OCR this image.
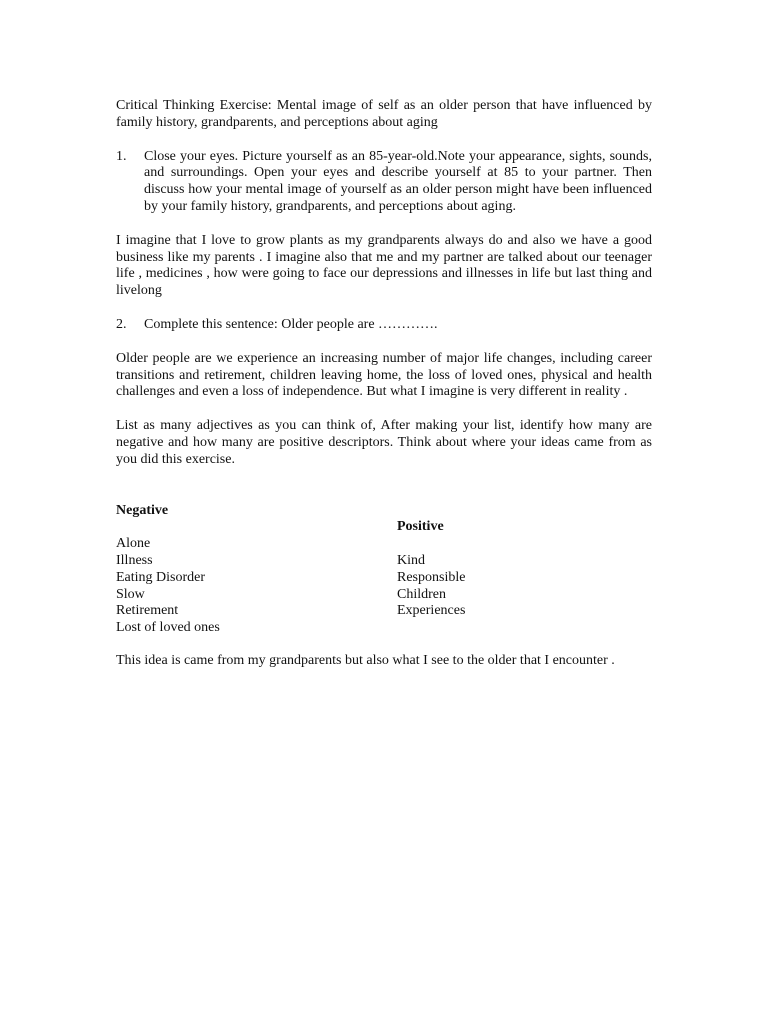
Critical Thinking Exercise: Mental image of self as an older person that have influenced by family history, grandparents, and perceptions about aging

1. Close your eyes. Picture yourself as an 85-year-old.Note your appearance, sights, sounds, and surroundings. Open your eyes and describe yourself at 85 to your partner. Then discuss how your mental image of yourself as an older person might have been influenced by your family history, grandparents, and perceptions about aging.

I imagine that I love to grow plants as my grandparents always do and also we have a good business like my parents . I imagine also that me and my partner are talked about our teenager life , medicines , how were going to face our depressions and illnesses in life but last thing and livelong

2. Complete this sentence: Older people are ………….

Older people are we experience an increasing number of major life changes, including career transitions and retirement, children leaving home, the loss of loved ones, physical and health challenges and even a loss of independence. But what I imagine is very different in reality .

List as many adjectives as you can think of, After making your list, identify how many are negative and how many are positive descriptors. Think about where your ideas came from as you did this exercise.

Negative

Alone
Illness
Eating Disorder
Slow
Retirement
Lost of loved ones

Positive

Kind
Responsible
Children
Experiences

This idea is came from my grandparents but also what I see to the older that I encounter .
